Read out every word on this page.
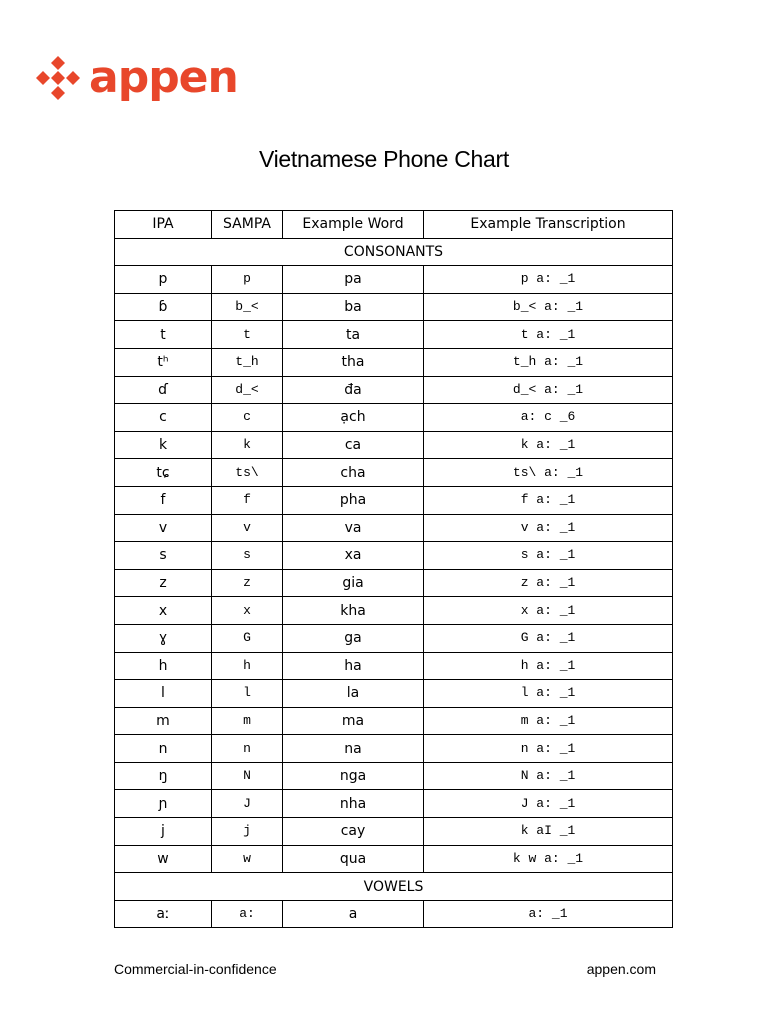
appen
Vietnamese Phone Chart
IPA	SAMPA	Example Word	Example Transcription
CONSONANTS			
p	p	pa	p a: _1
ɓ	b_<	ba	b_< a: _1
t	t	ta	t a: _1
tʰ	t_h	tha	t_h a: _1
ɗ	d_<	đa	d_< a: _1
c	c	ạch	a: c _6
k	k	ca	k a: _1
tɕ	ts\	cha	ts\ a: _1
f	f	pha	f a: _1
v	v	va	v a: _1
s	s	xa	s a: _1
z	z	gia	z a: _1
x	x	kha	x a: _1
ɣ	G	ga	G a: _1
h	h	ha	h a: _1
l	l	la	l a: _1
m	m	ma	m a: _1
n	n	na	n a: _1
ŋ	N	nga	N a: _1
ɲ	J	nha	J a: _1
j	j	cay	k aI _1
w	w	qua	k w a: _1
VOWELS			
aː	a:	a	a: _1
Commercial-in-confidence	appen.com
